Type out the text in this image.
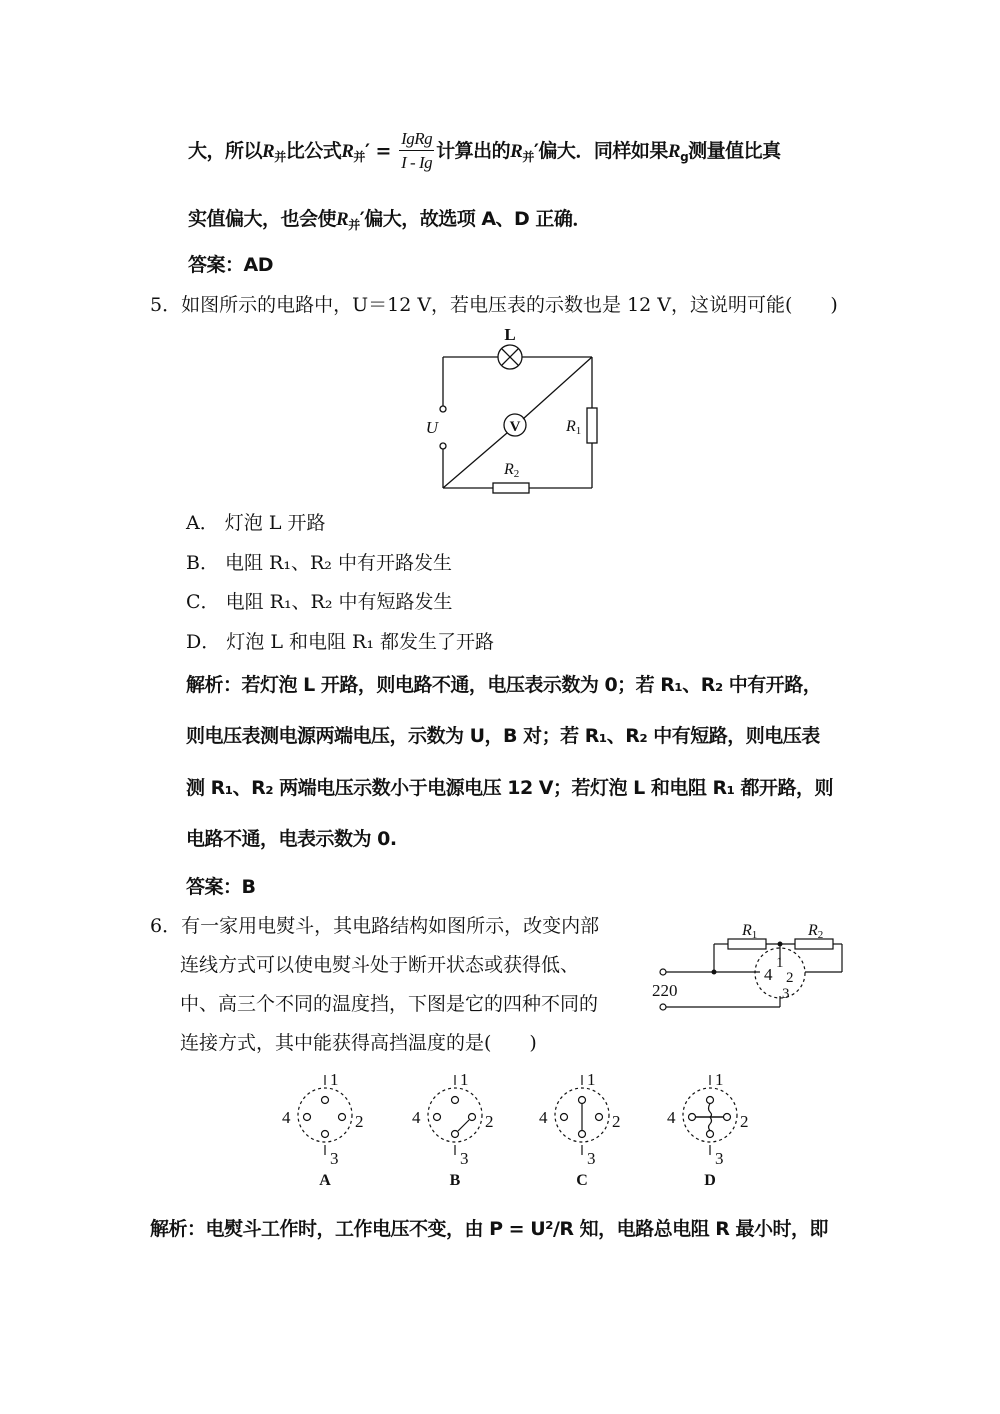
大，所以$R_并$比公式$R_并' = \frac{\text{IgRg}}{I - Ig}$ 计算出的$R_并'$偏大．同样如果$R_g$测量值比真
实值偏大，也会使$R_并'$偏大，故选项 A、D 正确．
答案：AD
5．如图所示的电路中，U＝12 V，若电压表的示数也是 12 V，这说明可能(　　)
L
V
U	R1
R2
A． 灯泡 L 开路
B． 电阻 R₁、R₂ 中有开路发生
C． 电阻 R₁、R₂ 中有短路发生
D． 灯泡 L 和电阻 R₁ 都发生了开路
解析：若灯泡 L 开路，则电路不通，电压表示数为 0；若 R₁、R₂ 中有开路，
则电压表测电源两端电压，示数为 U，B 对；若 R₁、R₂ 中有短路，则电压表
测 R₁、R₂ 两端电压示数小于电源电压 12 V；若灯泡 L 和电阻 R₁ 都开路，则
电路不通，电表示数为 0.
答案：B
6．有一家用电熨斗，其电路结构如图所示，改变内部
连线方式可以使电熨斗处于断开状态或获得低、
中、高三个不同的温度挡，下图是它的四种不同的
连接方式，其中能获得高挡温度的是(　　)
R1	R2
220
1
2
3
4
1
2
3
4
A
1
2
3
4
B
1
2
3
4
C
1
2
3
4
D
解析：电熨斗工作时，工作电压不变，由 P = U²/R 知，电路总电阻 R 最小时，即
